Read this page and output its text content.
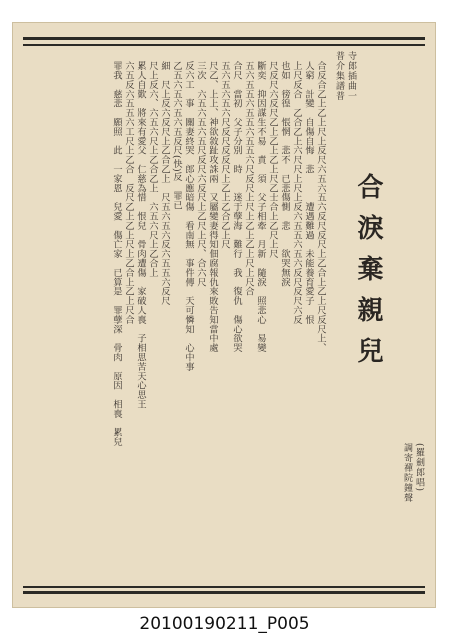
合淚棄親兒
調寄禪院鐘聲 (羅劍郎唱)
普介集譜普 寺郎插曲一
合反合乙上乙上尺上反尺六五六五六反尺反尺上乙合上乙上尺反尺上、
人窮　計變　自傷自悔　悲　　　遭遇難過　未能養育愛子　恨
上尺反合　乙合乙上六尺尺上尺上反六五五六五六反尺反尺六反
也如　徬徨　悵惘　悲不　已悲傷惻　悲　　欲哭無淚
尺反尺六反尺乙上乙上乙上尺乙士合上乙尺上尺
斷奕　抑因謀生不易　責　須　父子相牽　月新　隨淚　照悲心　易變
五六五五六五五六五五六尺反尺上尺上乙上乙上尺上尺合
合尺　當初　父子分別　時　　迷于孽海　難行　我　復仇　傷心欲哭
五六五六五六尺反尺反反尺上乙上乙合乙上尺
尺乙、上上、神欲敘趾攻誅兩　又屬變妻得知佃腐報仇來敗告知當中處
三次　六五六五六五尺反尺六反尺上乙尺上尺、合六尺
反六工　事　關妻終哭　郎心應暗傷　看南無　事件傳　天可憐知　心中事
乙五六五六五六五反尺(快)反　罪已
細　尺上反六反尺上乙合乙上　尺五六五六反六五五六反尺
尺上反六、六五六尺上乙合乙上　六五六尺上乙合上
累人自歎　將來有愛父　仁慈為惜　恨兒　骨肉遭傷　家破人喪　子相思苦天心思王
六五反六五五六工尺上乙合　反尺乙上乙上尺上乙合上乙上尺合
罪我　慈悲　願照　此　一家恩　兒愛　傷亡家　已算是　罪孽深　骨肉　原因　相喪　累兒
20100190211_P005
